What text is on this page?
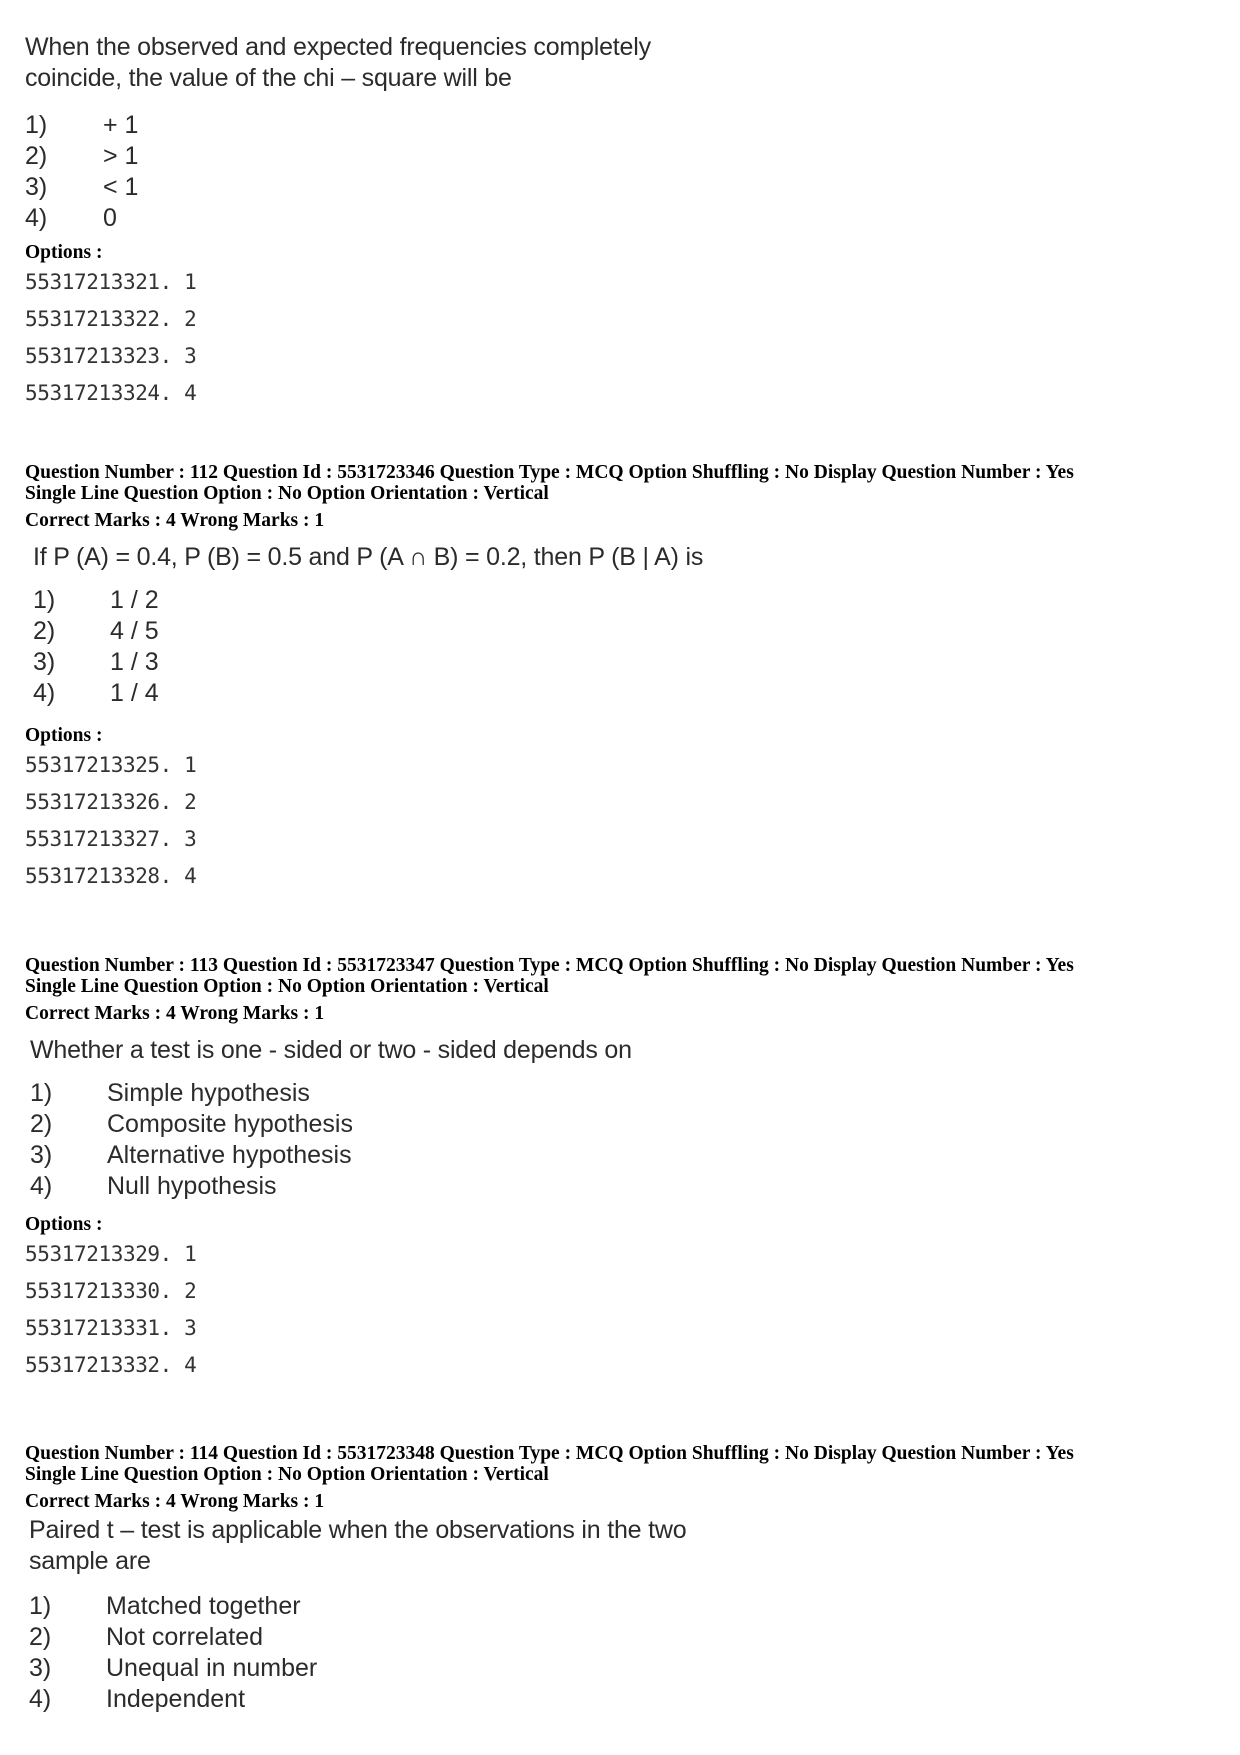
When the observed and expected frequencies completely coincide, the value of the chi – square will be
1)	+ 1
2)	> 1
3)	< 1
4)	0
Options :
55317213321. 1
55317213322. 2
55317213323. 3
55317213324. 4
Question Number : 112 Question Id : 5531723346 Question Type : MCQ Option Shuffling : No Display Question Number : Yes
Single Line Question Option : No Option Orientation : Vertical
Correct Marks : 4 Wrong Marks : 1
If P (A) = 0.4, P (B) = 0.5 and P (A ∩ B) = 0.2, then P (B | A) is
1)	1 / 2
2)	4 / 5
3)	1 / 3
4)	1 / 4
Options :
55317213325. 1
55317213326. 2
55317213327. 3
55317213328. 4
Question Number : 113 Question Id : 5531723347 Question Type : MCQ Option Shuffling : No Display Question Number : Yes
Single Line Question Option : No Option Orientation : Vertical
Correct Marks : 4 Wrong Marks : 1
Whether a test is one - sided or two - sided depends on
1)	Simple hypothesis
2)	Composite hypothesis
3)	Alternative hypothesis
4)	Null hypothesis
Options :
55317213329. 1
55317213330. 2
55317213331. 3
55317213332. 4
Question Number : 114 Question Id : 5531723348 Question Type : MCQ Option Shuffling : No Display Question Number : Yes
Single Line Question Option : No Option Orientation : Vertical
Correct Marks : 4 Wrong Marks : 1
Paired t – test is applicable when the observations in the two
sample are
1)	Matched together
2)	Not correlated
3)	Unequal in number
4)	Independent
